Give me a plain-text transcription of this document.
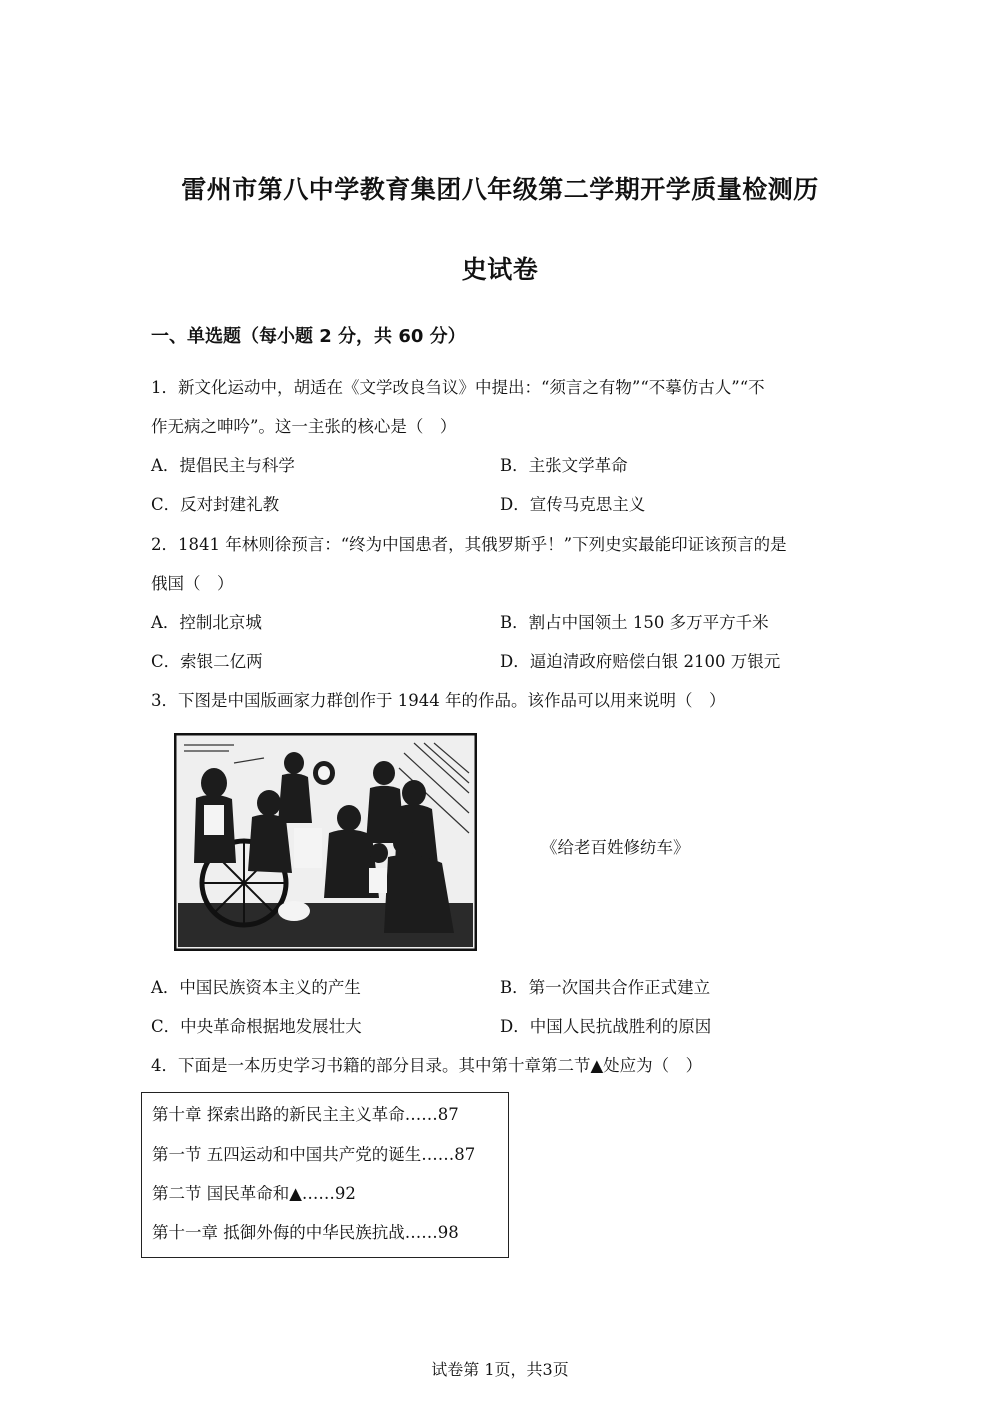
雷州市第八中学教育集团八年级第二学期开学质量检测历
史试卷
一、单选题（每小题 2 分，共 60 分）
1．新文化运动中，胡适在《文学改良刍议》中提出：“须言之有物”“不摹仿古人”“不
作无病之呻吟”。这一主张的核心是（　）
A．提倡民主与科学	B．主张文学革命
C．反对封建礼教	D．宣传马克思主义
2．1841 年林则徐预言：“终为中国患者，其俄罗斯乎！”下列史实最能印证该预言的是
俄国（　）
A．控制北京城	B．割占中国领土 150 多万平方千米
C．索银二亿两	D．逼迫清政府赔偿白银 2100 万银元
3．下图是中国版画家力群创作于 1944 年的作品。该作品可以用来说明（　）
《给老百姓修纺车》
A．中国民族资本主义的产生	B．第一次国共合作正式建立
C．中央革命根据地发展壮大	D．中国人民抗战胜利的原因
4．下面是一本历史学习书籍的部分目录。其中第十章第二节▲处应为（　）
第十章 探索出路的新民主主义革命……87
第一节 五四运动和中国共产党的诞生……87
第二节 国民革命和▲……92
第十一章 抵御外侮的中华民族抗战……98
试卷第 1页，共3页
